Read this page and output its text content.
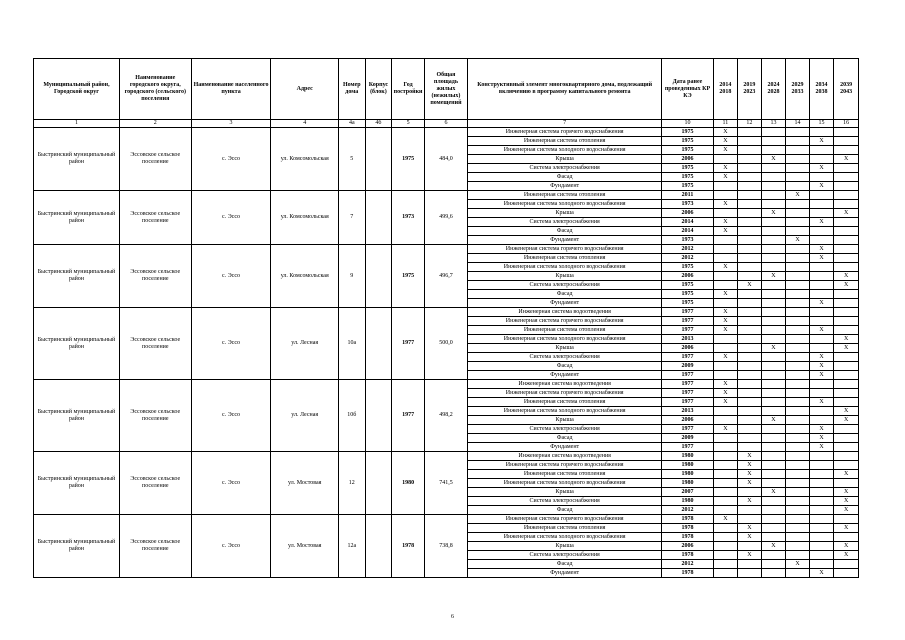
Муниципальный район, Городской округ	Наименование городского округа, городского (сельского) поселения	Наименование населенного пункта	Адрес	Номер дома	Корпус (блок)	Год постройки	Общая площадь жилых (нежилых) помещений	Конструктивный элемент многоквартирного дома, подлежащий включению в программу капитального ремонта	Дата ранее проведенных КР КЭ	2014 2018	2019 2023	2024 2028	2029 2033	2034 2038	2039 2043
1	2	3	4	4а	4б	5	6	7	10	11	12	13	14	15	16
Быстринский муниципальный район	Эссовское сельское поселение	с. Эссо	ул. Комсомольская	5		1975	484,0	Инженерная система горячего водоснабжения	1975	Х					
								Инженерная система отопления	1975	Х				Х	
								Инженерная система холодного водоснабжения	1975	Х					
								Крыша	2006			Х			Х
								Система электроснабжения	1975	Х				Х	
								Фасад	1975	Х					
								Фундамент	1975					Х	
Быстринский муниципальный район	Эссовское сельское поселение	с. Эссо	ул. Комсомольская	7		1973	499,6	Инженерная система отопления	2011				Х		
								Инженерная система холодного водоснабжения	1973	Х					
								Крыша	2006			Х			Х
								Система электроснабжения	2014	Х				Х	
								Фасад	2014	Х					
								Фундамент	1973				Х		
Быстринский муниципальный район	Эссовское сельское поселение	с. Эссо	ул. Комсомольская	9		1975	496,7	Инженерная система горячего водоснабжения	2012					Х	
								Инженерная система отопления	2012					Х	
								Инженерная система холодного водоснабжения	1975	Х					
								Крыша	2006			Х			Х
								Система электроснабжения	1975		Х				Х
								Фасад	1975	Х					
								Фундамент	1975					Х	
Быстринский муниципальный район	Эссовское сельское поселение	с. Эссо	ул. Лесная	10а		1977	500,0	Инженерная система водоотведения	1977	Х					
								Инженерная система горячего водоснабжения	1977	Х					
								Инженерная система отопления	1977	Х				Х	
								Инженерная система холодного водоснабжения	2013						Х
								Крыша	2006			Х			Х
								Система электроснабжения	1977	Х				Х	
								Фасад	2009					Х	
								Фундамент	1977					Х	
Быстринский муниципальный район	Эссовское сельское поселение	с. Эссо	ул. Лесная	10б		1977	498,2	Инженерная система водоотведения	1977	Х					
								Инженерная система горячего водоснабжения	1977	Х					
								Инженерная система отопления	1977	Х				Х	
								Инженерная система холодного водоснабжения	2013						Х
								Крыша	2006			Х			Х
								Система электроснабжения	1977	Х				Х	
								Фасад	2009					Х	
								Фундамент	1977					Х	
Быстринский муниципальный район	Эссовское сельское поселение	с. Эссо	ул. Мостовая	12		1980	741,5	Инженерная система водоотведения	1980		Х				
								Инженерная система горячего водоснабжения	1980		Х				
								Инженерная система отопления	1980		Х				Х
								Инженерная система холодного водоснабжения	1980		Х				
								Крыша	2007			Х			Х
								Система электроснабжения	1980		Х				Х
								Фасад	2012						Х
Быстринский муниципальный район	Эссовское сельское поселение	с. Эссо	ул. Мостовая	12а		1978	738,8	Инженерная система горячего водоснабжения	1978	Х					
								Инженерная система отопления	1978		Х				Х
								Инженерная система холодного водоснабжения	1978		Х				
								Крыша	2006			Х			Х
								Система электроснабжения	1978		Х				Х
								Фасад	2012				Х		
								Фундамент	1978					Х	
6
